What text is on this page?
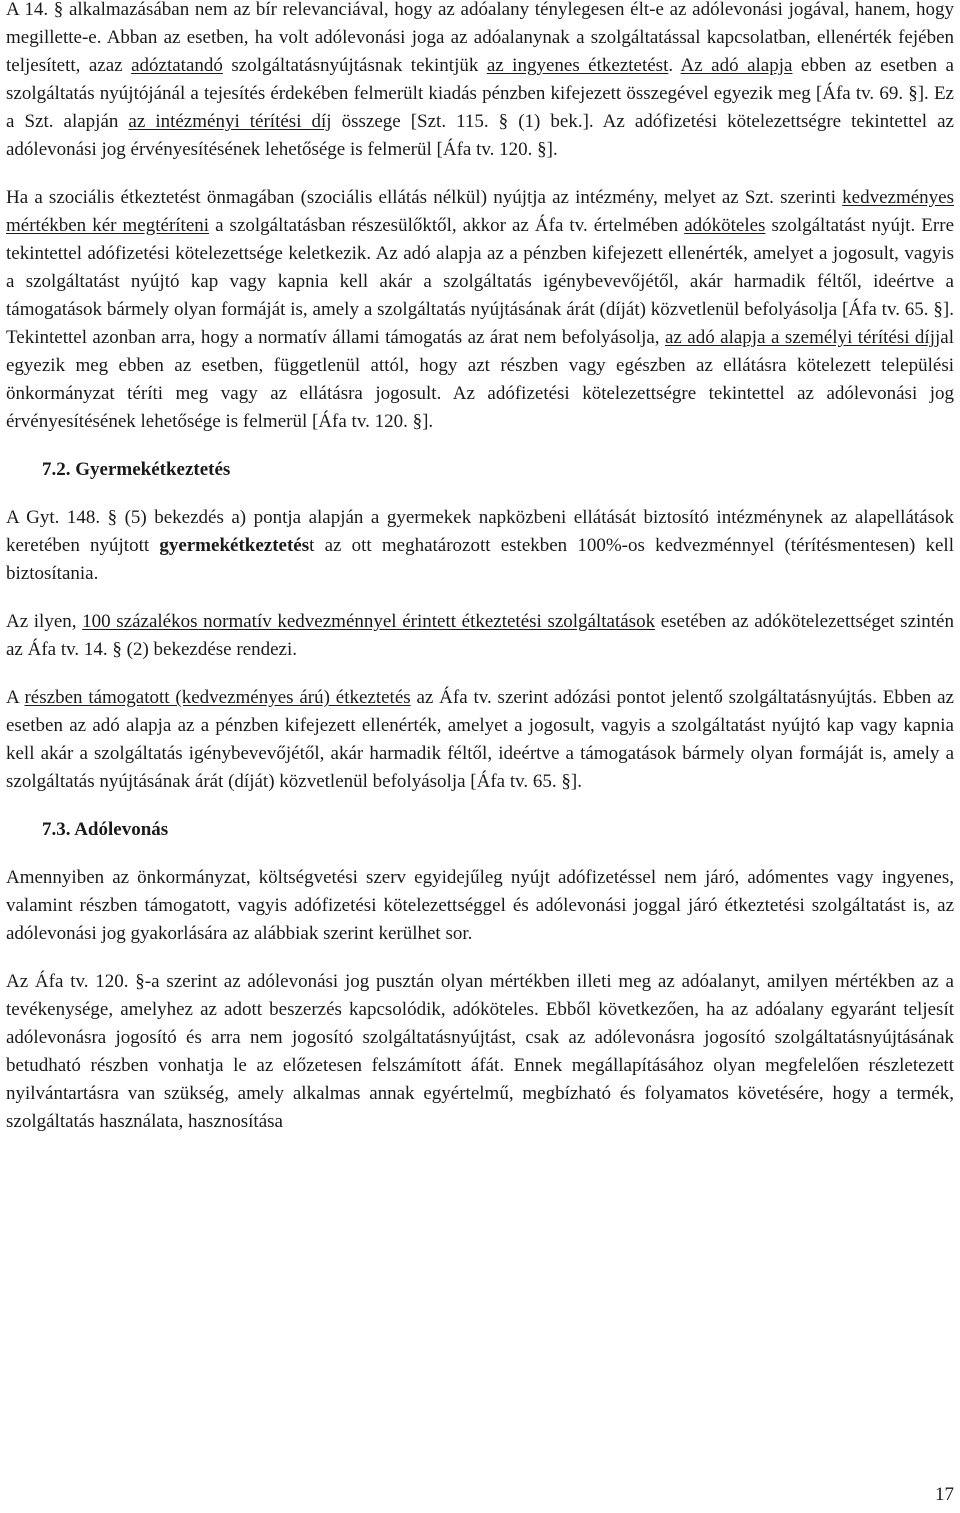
A 14. § alkalmazásában nem az bír relevanciával, hogy az adóalany ténylegesen élt-e az adólevonási jogával, hanem, hogy megillette-e. Abban az esetben, ha volt adólevonási joga az adóalanynak a szolgáltatással kapcsolatban, ellenérték fejében teljesített, azaz adóztatandó szolgáltatásnyújtásnak tekintjük az ingyenes étkeztetést. Az adó alapja ebben az esetben a szolgáltatás nyújtójánál a tejesítés érdekében felmerült kiadás pénzben kifejezett összegével egyezik meg [Áfa tv. 69. §]. Ez a Szt. alapján az intézményi térítési díj összege [Szt. 115. § (1) bek.]. Az adófizetési kötelezettségre tekintettel az adólevonási jog érvényesítésének lehetősége is felmerül [Áfa tv. 120. §].

Ha a szociális étkeztetést önmagában (szociális ellátás nélkül) nyújtja az intézmény, melyet az Szt. szerinti kedvezményes mértékben kér megtéríteni a szolgáltatásban részesülőktől, akkor az Áfa tv. értelmében adóköteles szolgáltatást nyújt. Erre tekintettel adófizetési kötelezettsége keletkezik. Az adó alapja az a pénzben kifejezett ellenérték, amelyet a jogosult, vagyis a szolgáltatást nyújtó kap vagy kapnia kell akár a szolgáltatás igénybevevőjétől, akár harmadik féltől, ideértve a támogatások bármely olyan formáját is, amely a szolgáltatás nyújtásának árát (díját) közvetlenül befolyásolja [Áfa tv. 65. §]. Tekintettel azonban arra, hogy a normatív állami támogatás az árat nem befolyásolja, az adó alapja a személyi térítési díjjal egyezik meg ebben az esetben, függetlenül attól, hogy azt részben vagy egészben az ellátásra kötelezett települési önkormányzat téríti meg vagy az ellátásra jogosult. Az adófizetési kötelezettségre tekintettel az adólevonási jog érvényesítésének lehetősége is felmerül [Áfa tv. 120. §].

7.2. Gyermekétkeztetés

A Gyt. 148. § (5) bekezdés a) pontja alapján a gyermekek napközbeni ellátását biztosító intézménynek az alapellátások keretében nyújtott gyermekétkeztetést az ott meghatározott estekben 100%-os kedvezménnyel (térítésmentesen) kell biztosítania.

Az ilyen, 100 százalékos normatív kedvezménnyel érintett étkeztetési szolgáltatások esetében az adókötelezettséget szintén az Áfa tv. 14. § (2) bekezdése rendezi.

A részben támogatott (kedvezményes árú) étkeztetés az Áfa tv. szerint adózási pontot jelentő szolgáltatásnyújtás. Ebben az esetben az adó alapja az a pénzben kifejezett ellenérték, amelyet a jogosult, vagyis a szolgáltatást nyújtó kap vagy kapnia kell akár a szolgáltatás igénybevevőjétől, akár harmadik féltől, ideértve a támogatások bármely olyan formáját is, amely a szolgáltatás nyújtásának árát (díját) közvetlenül befolyásolja [Áfa tv. 65. §].

7.3. Adólevonás

Amennyiben az önkormányzat, költségvetési szerv egyidejűleg nyújt adófizetéssel nem járó, adómentes vagy ingyenes, valamint részben támogatott, vagyis adófizetési kötelezettséggel és adólevonási joggal járó étkeztetési szolgáltatást is, az adólevonási jog gyakorlására az alábbiak szerint kerülhet sor.

Az Áfa tv. 120. §-a szerint az adólevonási jog pusztán olyan mértékben illeti meg az adóalanyt, amilyen mértékben az a tevékenysége, amelyhez az adott beszerzés kapcsolódik, adóköteles. Ebből következően, ha az adóalany egyaránt teljesít adólevonásra jogosító és arra nem jogosító szolgáltatásnyújtást, csak az adólevonásra jogosító szolgáltatásnyújtásának betudható részben vonhatja le az előzetesen felszámított áfát. Ennek megállapításához olyan megfelelően részletezett nyilvántartásra van szükség, amely alkalmas annak egyértelmű, megbízható és folyamatos követésére, hogy a termék, szolgáltatás használata, hasznosítása

17
